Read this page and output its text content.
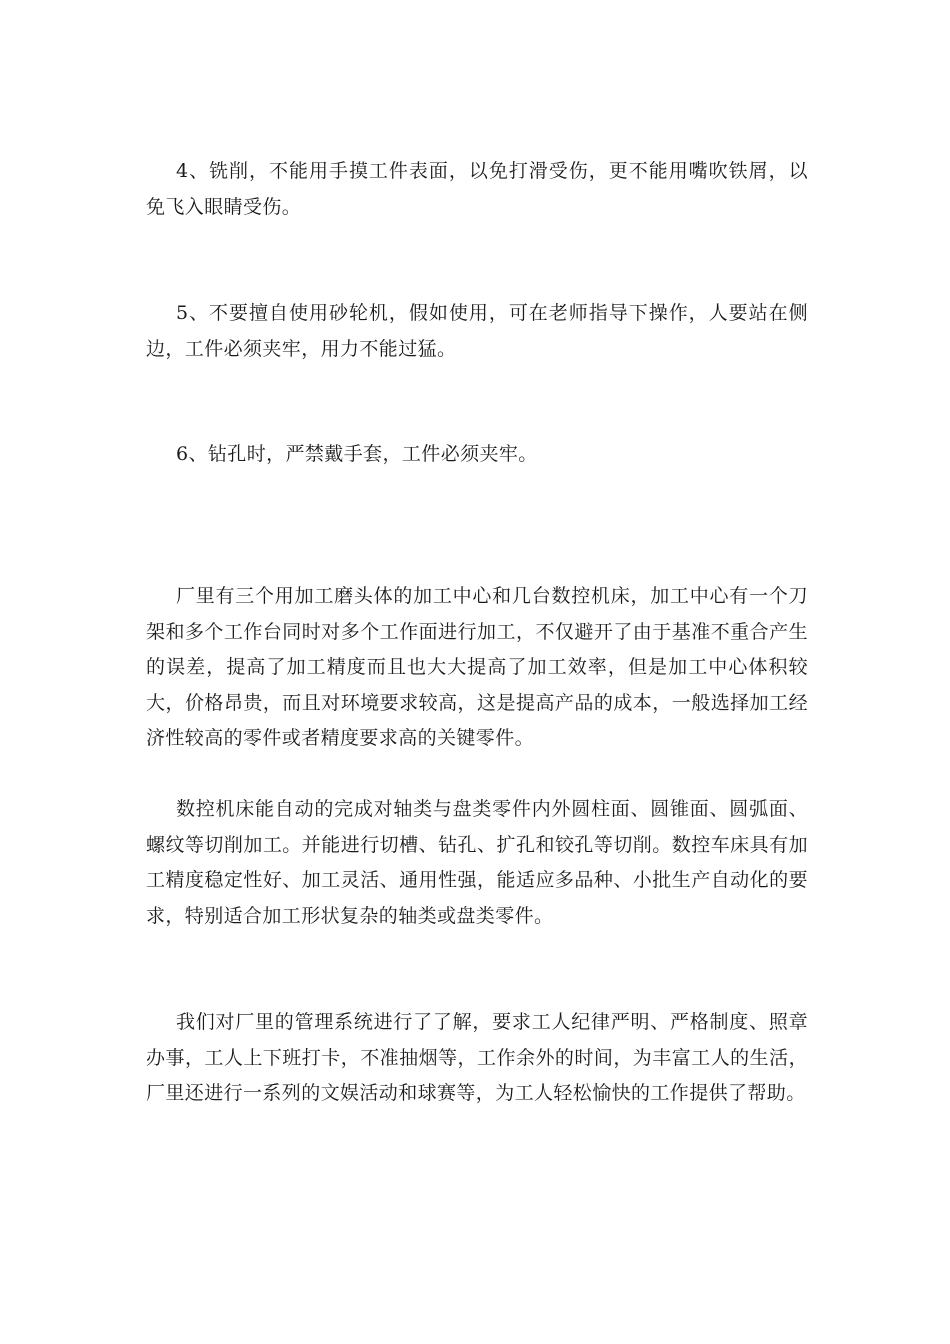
4、铣削，不能用手摸工件表面，以免打滑受伤，更不能用嘴吹铁屑，以免飞入眼睛受伤。

5、不要擅自使用砂轮机，假如使用，可在老师指导下操作，人要站在侧边，工件必须夹牢，用力不能过猛。

6、钻孔时，严禁戴手套，工件必须夹牢。

厂里有三个用加工磨头体的加工中心和几台数控机床，加工中心有一个刀架和多个工作台同时对多个工作面进行加工，不仅避开了由于基准不重合产生的误差，提高了加工精度而且也大大提高了加工效率，但是加工中心体积较大，价格昂贵，而且对环境要求较高，这是提高产品的成本，一般选择加工经济性较高的零件或者精度要求高的关键零件。

数控机床能自动的完成对轴类与盘类零件内外圆柱面、圆锥面、圆弧面、螺纹等切削加工。并能进行切槽、钻孔、扩孔和铰孔等切削。数控车床具有加工精度稳定性好、加工灵活、通用性强，能适应多品种、小批生产自动化的要求，特别适合加工形状复杂的轴类或盘类零件。

我们对厂里的管理系统进行了了解，要求工人纪律严明、严格制度、照章办事，工人上下班打卡，不准抽烟等，工作余外的时间，为丰富工人的生活，厂里还进行一系列的文娱活动和球赛等，为工人轻松愉快的工作提供了帮助。
